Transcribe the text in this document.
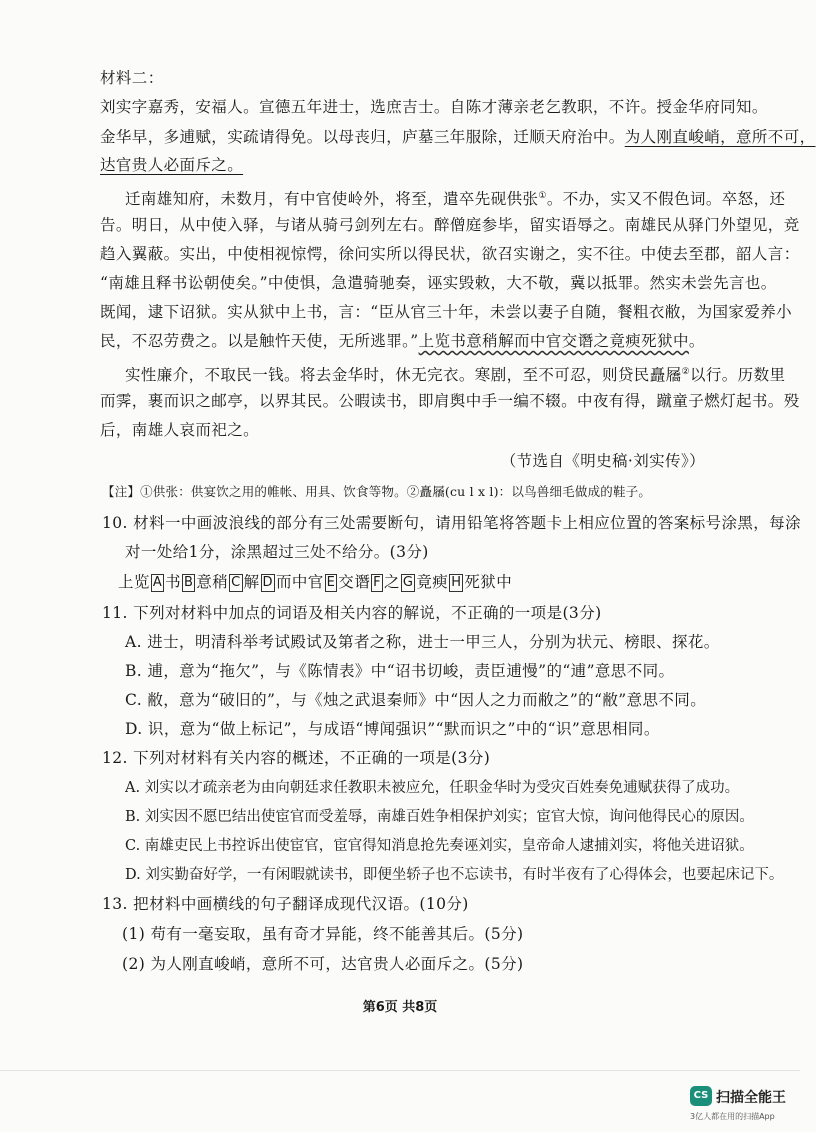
材料二：
刘实字嘉秀，安福人。宣德五年进士，选庶吉士。自陈才薄亲老乞教职，不许。授金华府同知。
金华早，多逋赋，实疏请得免。以母丧归，庐墓三年服除，迁顺天府治中。为人刚直峻峭，意所不可，
达官贵人必面斥之。
迁南雄知府，未数月，有中官使岭外，将至，遣卒先砚供张①。不办，实又不假色词。卒怒，还
告。明日，从中使入驿，与诸从骑弓剑列左右。醉僧庭参毕，留实语辱之。南雄民从驿门外望见，竞
趋入翼蔽。实出，中使相视惊愕，徐问实所以得民状，欲召实谢之，实不往。中使去至郡，韶人言：
“南雄且释书讼朝使矣。”中使惧，急遣骑驰奏，诬实毁敕，大不敬，冀以抵罪。然实未尝先言也。
既闻，逮下诏狱。实从狱中上书，言：“臣从官三十年，未尝以妻子自随，餐粗衣敝，为国家爱养小
民，不忍劳费之。以是触忤天使，无所逃罪。”上览书意稍解而中官交谮之竟瘐死狱中。
实性廉介，不取民一钱。将去金华时，休无完衣。寒剧，至不可忍，则贷民矗屩②以行。历数里
而霁，裹而识之邮亭，以界其民。公暇读书，即肩舆中手一编不辍。中夜有得，蹴童子燃灯起书。殁
后，南雄人哀而祀之。
（节选自《明史稿·刘实传》）
【注】①供张：供宴饮之用的帷帐、用具、饮食等物。②矗屩(cu l x l)：以鸟兽细毛做成的鞋子。
10. 材料一中画波浪线的部分有三处需要断句，请用铅笔将答题卡上相应位置的答案标号涂黑，每涂
对一处给1分，涂黑超过三处不给分。(3分)
上览 A 书 B 意稍 C 解 D 而中官 E 交谮 F 之 G 竟瘐 H 死狱中
11. 下列对材料中加点的词语及相关内容的解说，不正确的一项是(3分)
A. 进士，明清科举考试殿试及第者之称，进士一甲三人，分别为状元、榜眼、探花。
B. 逋，意为“拖欠”，与《陈情表》中“诏书切峻，责臣逋慢”的“逋”意思不同。
C. 敝，意为“破旧的”，与《烛之武退秦师》中“因人之力而敝之”的“敝”意思不同。
D. 识，意为“做上标记”，与成语“博闻强识”“默而识之”中的“识”意思相同。
12. 下列对材料有关内容的概述，不正确的一项是(3分)
A. 刘实以才疏亲老为由向朝廷求任教职未被应允，任职金华时为受灾百姓奏免逋赋获得了成功。
B. 刘实因不愿巴结出使宦官而受羞辱，南雄百姓争相保护刘实；宦官大惊，询问他得民心的原因。
C. 南雄吏民上书控诉出使宦官，宦官得知消息抢先奏诬刘实，皇帝命人逮捕刘实，将他关进诏狱。
D. 刘实勤奋好学，一有闲暇就读书，即便坐轿子也不忘读书，有时半夜有了心得体会，也要起床记下。
13. 把材料中画横线的句子翻译成现代汉语。(10分)
(1) 苟有一毫妄取，虽有奇才异能，终不能善其后。(5分)
(2) 为人刚直峻峭，意所不可，达官贵人必面斥之。(5分)
第6页 共8页
CS 扫描全能王
3亿人都在用的扫描App
